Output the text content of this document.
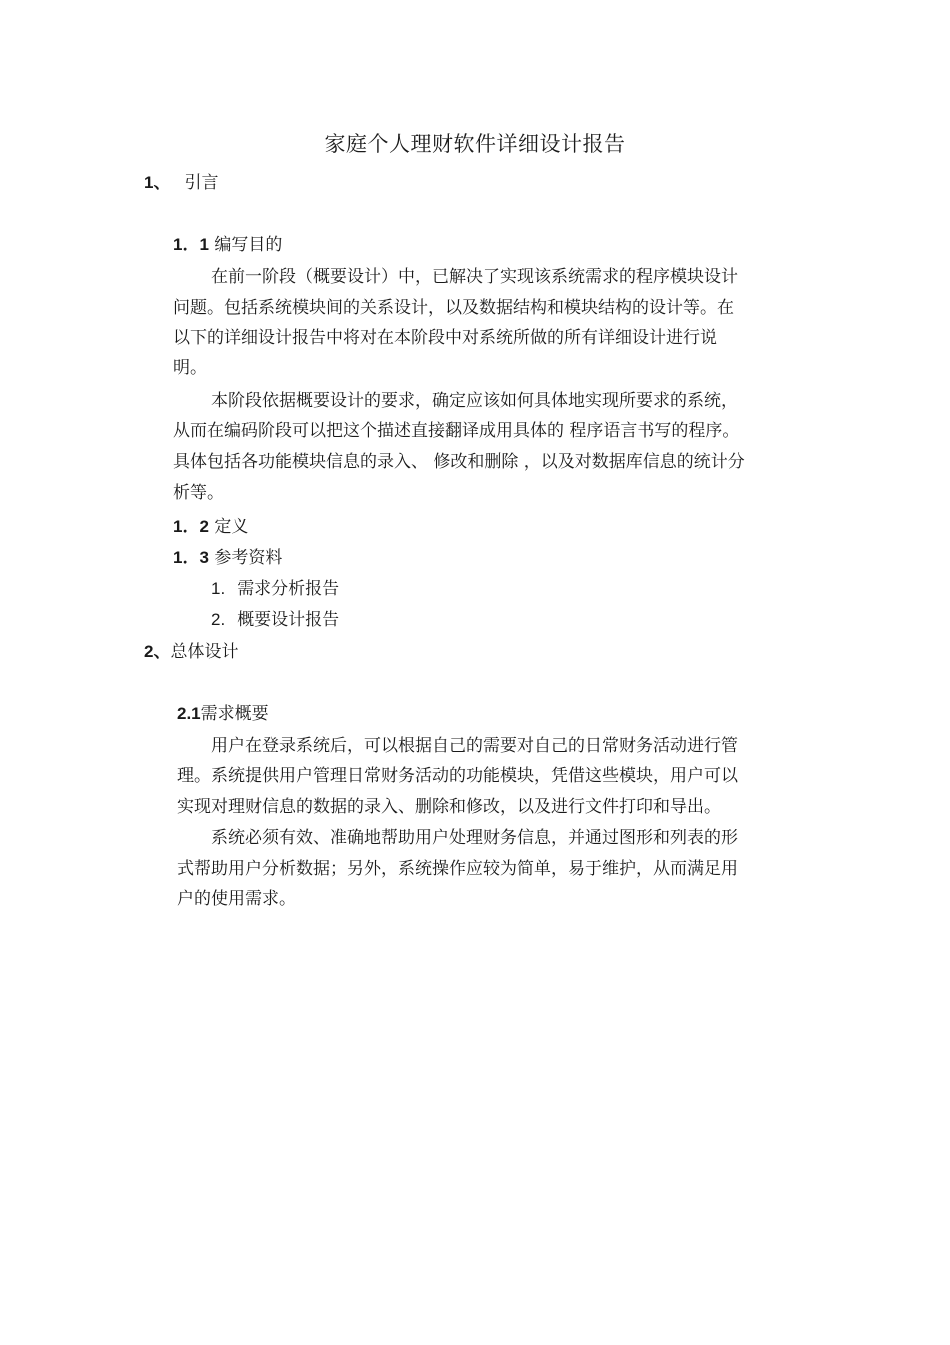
家庭个人理财软件详细设计报告
1、 引言
1．1 编写目的
在前一阶段（概要设计）中，已解决了实现该系统需求的程序模块设计
问题。包括系统模块间的关系设计，以及数据结构和模块结构的设计等。在
以下的详细设计报告中将对在本阶段中对系统所做的所有详细设计进行说
明。
本阶段依据概要设计的要求，确定应该如何具体地实现所要求的系统，
从而在编码阶段可以把这个描述直接翻译成用具体的 程序语言书写的程序。
具体包括各功能模块信息的录入、 修改和删除 ，以及对数据库信息的统计分
析等。
1．2 定义
1．3 参考资料
1. 需求分析报告
2. 概要设计报告
2、总体设计
2.1需求概要
用户在登录系统后，可以根据自己的需要对自己的日常财务活动进行管
理。系统提供用户管理日常财务活动的功能模块，凭借这些模块，用户可以
实现对理财信息的数据的录入、删除和修改，以及进行文件打印和导出。
系统必须有效、准确地帮助用户处理财务信息，并通过图形和列表的形
式帮助用户分析数据；另外，系统操作应较为简单，易于维护，从而满足用
户的使用需求。
